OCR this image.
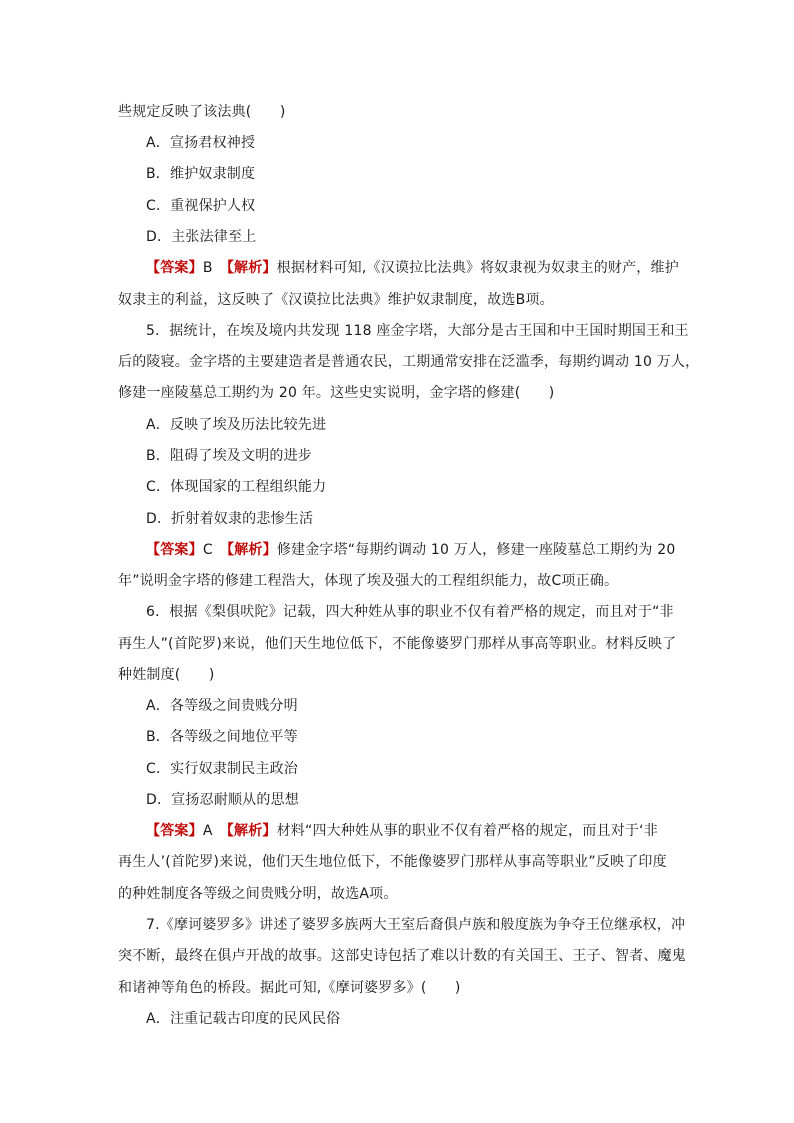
些规定反映了该法典(　　)
A．宣扬君权神授
B．维护奴隶制度
C．重视保护人权
D．主张法律至上
【答案】B　【解析】根据材料可知,《汉谟拉比法典》将奴隶视为奴隶主的财产，维护
奴隶主的利益，这反映了《汉谟拉比法典》维护奴隶制度，故选B项。
5．据统计，在埃及境内共发现 118 座金字塔，大部分是古王国和中王国时期国王和王
后的陵寝。金字塔的主要建造者是普通农民，工期通常安排在泛滥季，每期约调动 10 万人，
修建一座陵墓总工期约为 20 年。这些史实说明，金字塔的修建(　　)
A．反映了埃及历法比较先进
B．阻碍了埃及文明的进步
C．体现国家的工程组织能力
D．折射着奴隶的悲惨生活
【答案】C　【解析】修建金字塔“每期约调动 10 万人，修建一座陵墓总工期约为 20
年”说明金字塔的修建工程浩大，体现了埃及强大的工程组织能力，故C项正确。
6．根据《梨俱吠陀》记载，四大种姓从事的职业不仅有着严格的规定，而且对于“非
再生人”(首陀罗)来说，他们天生地位低下，不能像婆罗门那样从事高等职业。材料反映了
种姓制度(　　)
A．各等级之间贵贱分明
B．各等级之间地位平等
C．实行奴隶制民主政治
D．宣扬忍耐顺从的思想
【答案】A　【解析】材料“四大种姓从事的职业不仅有着严格的规定，而且对于‘非
再生人’(首陀罗)来说，他们天生地位低下，不能像婆罗门那样从事高等职业”反映了印度
的种姓制度各等级之间贵贱分明，故选A项。
7.《摩诃婆罗多》讲述了婆罗多族两大王室后裔俱卢族和般度族为争夺王位继承权，冲
突不断，最终在俱卢开战的故事。这部史诗包括了难以计数的有关国王、王子、智者、魔鬼
和诸神等角色的桥段。据此可知,《摩诃婆罗多》(　　)
A．注重记载古印度的民风民俗
